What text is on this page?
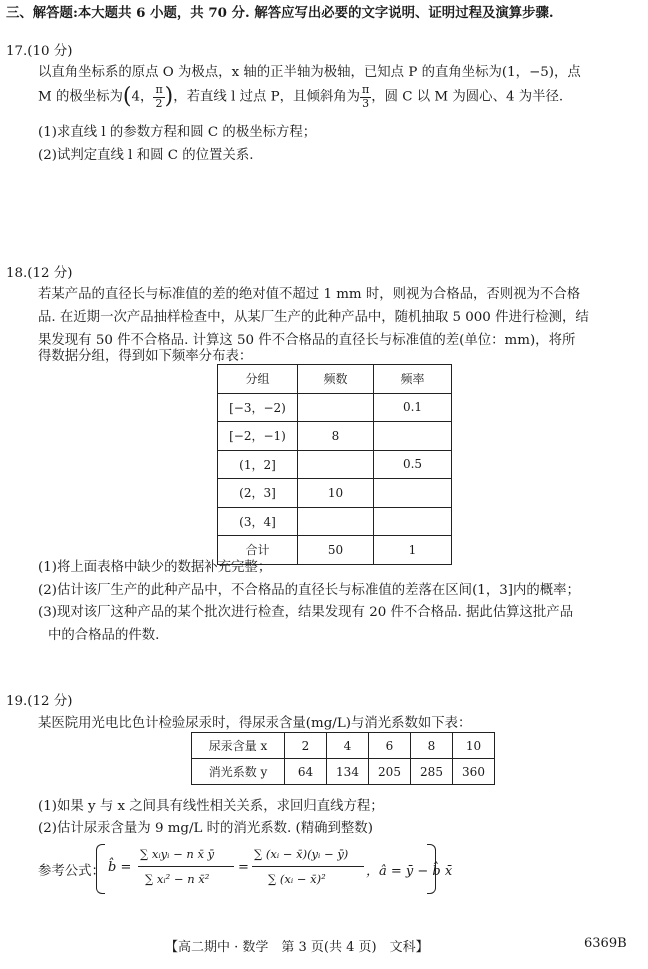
三、解答题:本大题共 6 小题，共 70 分. 解答应写出必要的文字说明、证明过程及演算步骤.
17.(10 分)
以直角坐标系的原点 O 为极点，x 轴的正半轴为极轴，已知点 P 的直角坐标为(1，−5)，点
M 的极坐标为(4， $\frac{\pi}{2}$ )，若直线 l 过点 P，且倾斜角为 $\frac{\pi}{3}$ ，圆 C 以 M 为圆心、4 为半径.
(1)求直线 l 的参数方程和圆 C 的极坐标方程；
(2)试判定直线 l 和圆 C 的位置关系.
18.(12 分)
若某产品的直径长与标准值的差的绝对值不超过 1 mm 时，则视为合格品，否则视为不合格
品. 在近期一次产品抽样检查中，从某厂生产的此种产品中，随机抽取 5 000 件进行检测，结
果发现有 50 件不合格品. 计算这 50 件不合格品的直径长与标准值的差(单位：mm)，将所
得数据分组，得到如下频率分布表：
分组	频数	频率
[−3，−2)		0.1
[−2，−1)	8	
(1，2]		0.5
(2，3]	10	
(3，4]		
合计	50	1
(1)将上面表格中缺少的数据补充完整；
(2)估计该厂生产的此种产品中，不合格品的直径长与标准值的差落在区间(1，3]内的概率；
(3)现对该厂这种产品的某个批次进行检查，结果发现有 20 件不合格品. 据此估算这批产品
中的合格品的件数.
19.(12 分)
某医院用光电比色计检验尿汞时，得尿汞含量(mg/L)与消光系数如下表：
尿汞含量 x	2	4	6	8	10
消光系数 y	64	134	205	285	360
(1)如果 y 与 x 之间具有线性相关关系，求回归直线方程；
(2)估计尿汞含量为 9 mg/L 时的消光系数. (精确到整数)
参考公式： b̂ =
∑ xᵢyᵢ − n x̄ ȳ
∑ xᵢ² − n x̄²
=
∑ (xᵢ − x̄)(yᵢ − ȳ)
∑ (xᵢ − x̄)²	，â = ȳ − b̂ x̄
【高二期中 · 数学　第 3 页(共 4 页)　文科】	6369B
